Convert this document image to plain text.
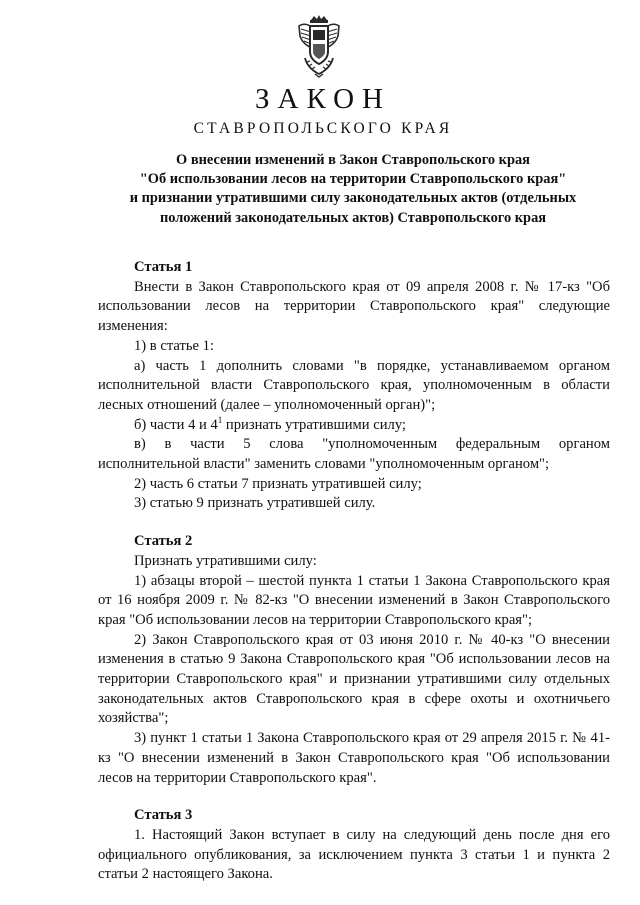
ЗАКОН
СТАВРОПОЛЬСКОГО КРАЯ
О внесении изменений в Закон Ставропольского края
"Об использовании лесов на территории Ставропольского края"
и признании утратившими силу законодательных актов (отдельных
положений законодательных актов) Ставропольского края

Статья 1

Внести в Закон Ставропольского края от 09 апреля 2008 г. № 17-кз "Об использовании лесов на территории Ставропольского края" следующие изменения:

1) в статье 1:

а) часть 1 дополнить словами "в порядке, устанавливаемом органом исполнительной власти Ставропольского края, уполномоченным в области лесных отношений (далее – уполномоченный орган)";

б) части 4 и $4^1$ признать утратившими силу;

в) в части 5 слова "уполномоченным федеральным органом исполнительной власти" заменить словами "уполномоченным органом";

2) часть 6 статьи 7 признать утратившей силу;

3) статью 9 признать утратившей силу.

Статья 2

Признать утратившими силу:

1) абзацы второй – шестой пункта 1 статьи 1 Закона Ставропольского края от 16 ноября 2009 г. № 82-кз "О внесении изменений в Закон Ставропольского края "Об использовании лесов на территории Ставропольского края";

2) Закон Ставропольского края от 03 июня 2010 г. № 40-кз "О внесении изменения в статью 9 Закона Ставропольского края "Об использовании лесов на территории Ставропольского края" и признании утратившими силу отдельных законодательных актов Ставропольского края в сфере охоты и охотничьего хозяйства";

3) пункт 1 статьи 1 Закона Ставропольского края от 29 апреля 2015 г. № 41-кз "О внесении изменений в Закон Ставропольского края "Об использовании лесов на территории Ставропольского края".

Статья 3

1. Настоящий Закон вступает в силу на следующий день после дня его официального опубликования, за исключением пункта 3 статьи 1 и пункта 2 статьи 2 настоящего Закона.
